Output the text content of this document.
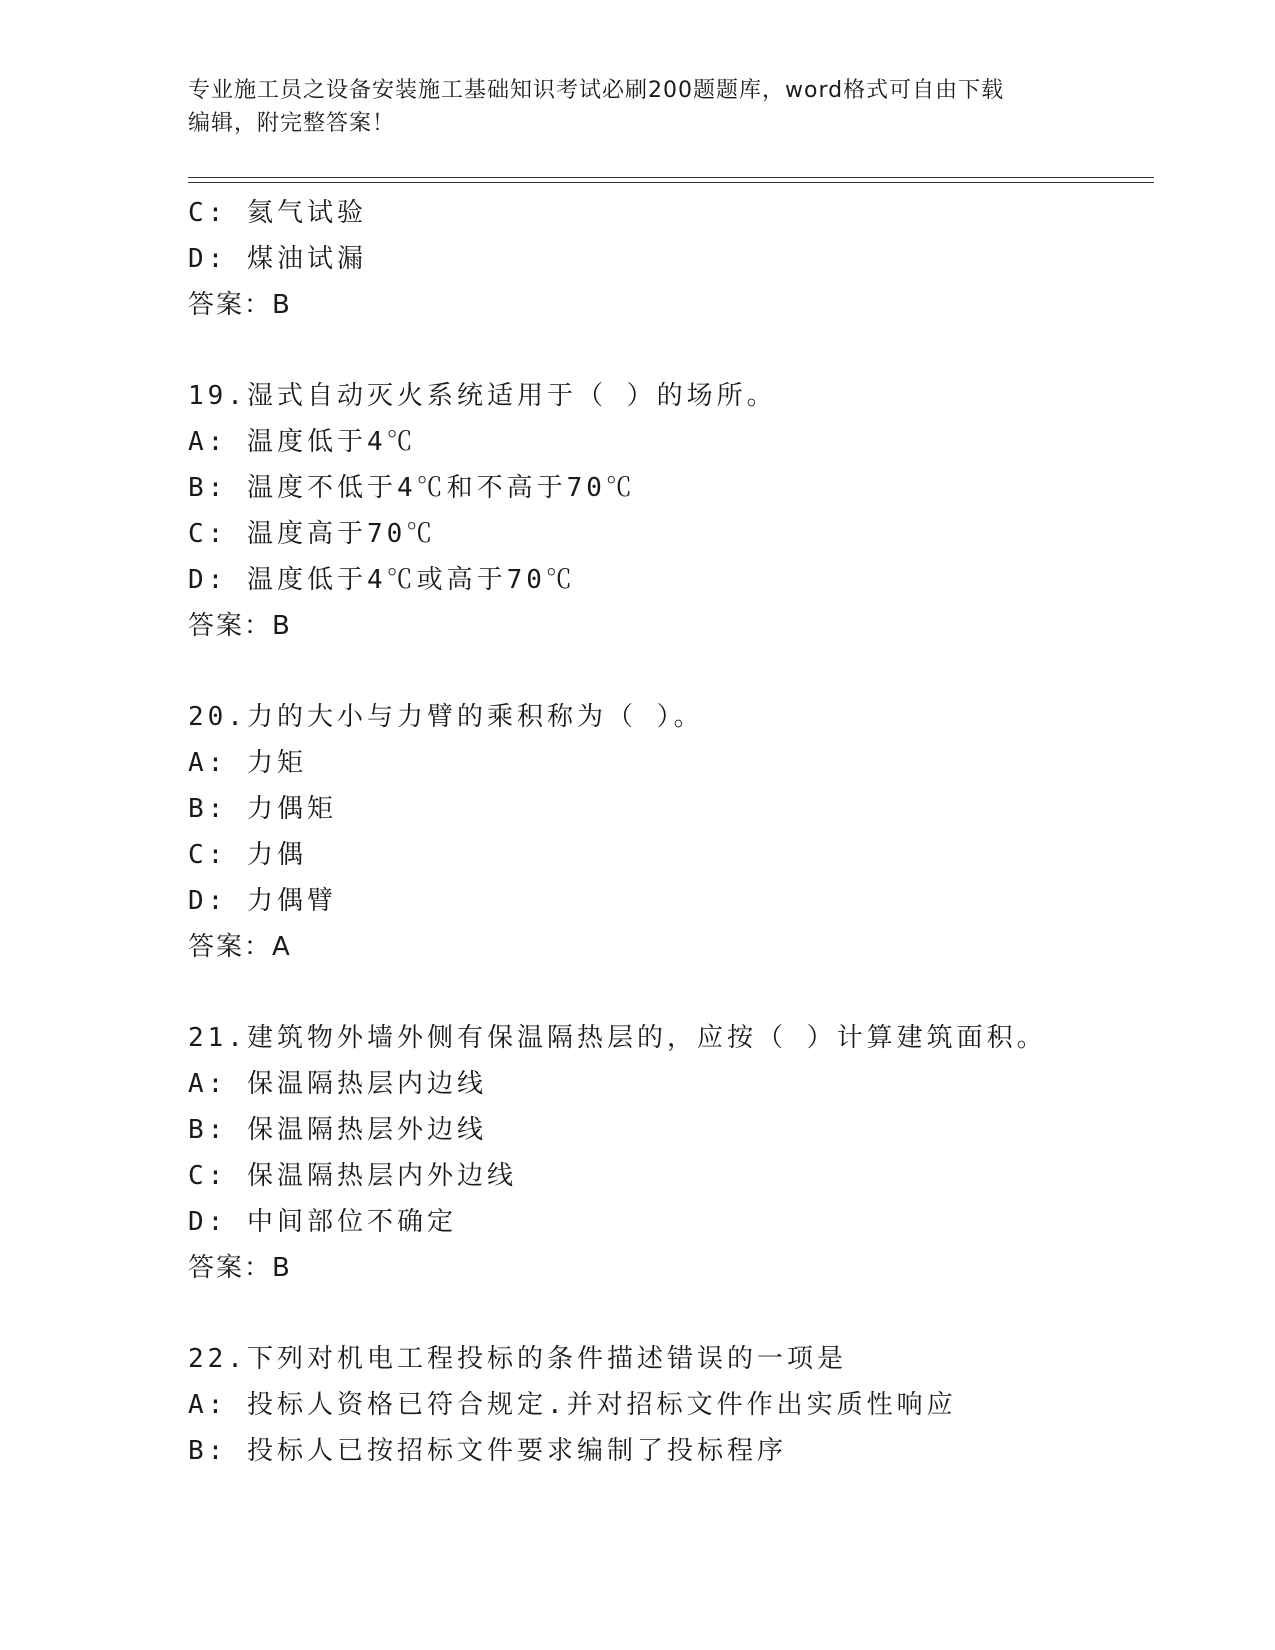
专业施工员之设备安装施工基础知识考试必刷200题题库，word格式可自由下载
编辑，附完整答案！
C: 氦气试验
D: 煤油试漏
答案：B
19.湿式自动灭火系统适用于（ ）的场所。
A: 温度低于4℃
B: 温度不低于4℃和不高于70℃
C: 温度高于70℃
D: 温度低于4℃或高于70℃
答案：B
20.力的大小与力臂的乘积称为（ ）。
A: 力矩
B: 力偶矩
C: 力偶
D: 力偶臂
答案：A
21.建筑物外墙外侧有保温隔热层的，应按（ ）计算建筑面积。
A: 保温隔热层内边线
B: 保温隔热层外边线
C: 保温隔热层内外边线
D: 中间部位不确定
答案：B
22.下列对机电工程投标的条件描述错误的一项是
A: 投标人资格已符合规定.并对招标文件作出实质性响应
B: 投标人已按招标文件要求编制了投标程序
